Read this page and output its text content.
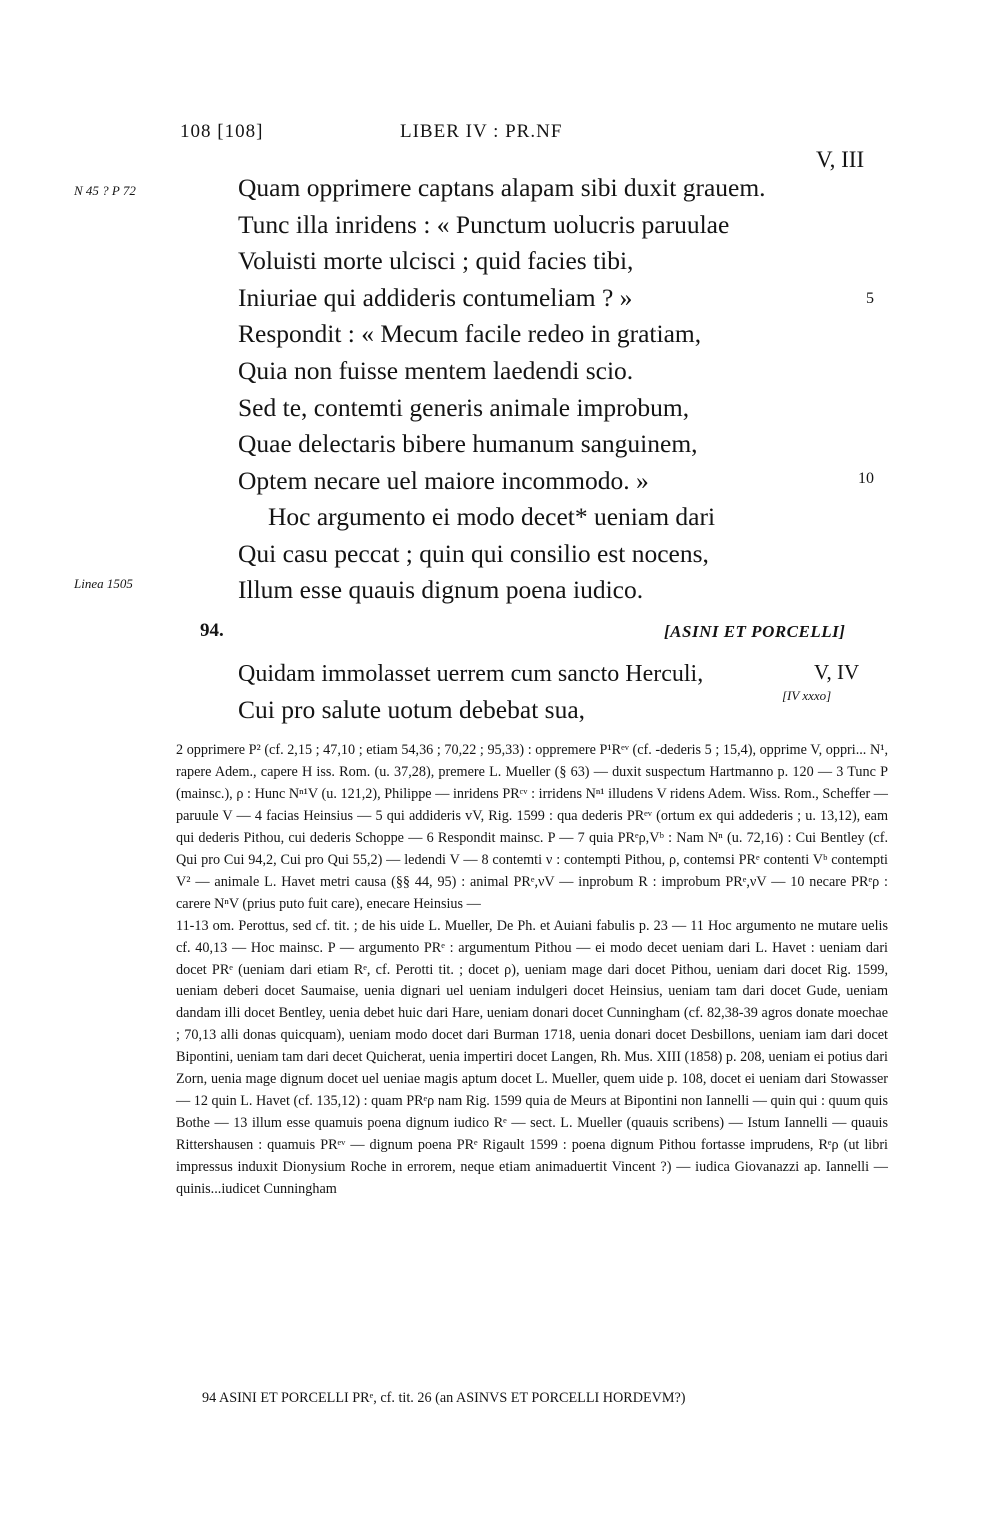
108 [108]	LIBER IV : PR.NF
V, III
N 45 ? P 72
Linea 1505
Quam opprimere captans alapam sibi duxit grauem.
Tunc illa inridens : « Punctum uolucris paruulae
Voluisti morte ulcisci ; quid facies tibi,
Iniuriae qui addideris contumeliam ? »
Respondit : « Mecum facile redeo in gratiam,
Quia non fuisse mentem laedendi scio.
Sed te, contemti generis animale improbum,
Quae delectaris bibere humanum sanguinem,
Optem necare uel maiore incommodo. »
Hoc argumento ei modo decet* ueniam dari
Qui casu peccat ; quin qui consilio est nocens,
Illum esse quauis dignum poena iudico.
5
10
94.	[ASINI ET PORCELLI]
Quidam immolasset uerrem cum sancto Herculi,
Cui pro salute uotum debebat sua,
V, IV
[IV xxxo]

2 opprimere P² (cf. 2,15 ; 47,10 ; etiam 54,36 ; 70,22 ; 95,33) : oppremere P¹Rᵉᵛ (cf. -dederis 5 ; 15,4), opprime V, oppri... N¹, rapere Adem., capere H iss. Rom. (u. 37,28), premere L. Mueller (§ 63) — duxit suspectum Hartmanno p. 120 — 3 Tunc P (mainsc.), ρ : Hunc Nⁿ¹V (u. 121,2), Philippe — inridens PRᶜᵛ : irridens Nⁿ¹ illudens V ridens Adem. Wiss. Rom., Scheffer — paruule V — 4 facias Heinsius — 5 qui addideris vV, Rig. 1599 : qua dederis PRᵉᵛ (ortum ex qui addederis ; u. 13,12), eam qui dederis Pithou, cui dederis Schoppe — 6 Respondit mainsc. P — 7 quia PRᵉρ,Vᵇ : Nam Nⁿ (u. 72,16) : Cui Bentley (cf. Qui pro Cui 94,2, Cui pro Qui 55,2) — ledendi V — 8 contemti ν : contempti Pithou, ρ, contemsi PRᵉ contenti Vᵇ contempti V² — animale L. Havet metri causa (§§ 44, 95) : animal PRᵉ,νV — inprobum R : improbum PRᵉ,νV — 10 necare PRᵉρ : carere NⁿV (prius puto fuit care), enecare Heinsius —

11-13 om. Perottus, sed cf. tit. ; de his uide L. Mueller, De Ph. et Auiani fabulis p. 23 — 11 Hoc argumento ne mutare uelis cf. 40,13 — Hoc mainsc. P — argumento PRᵉ : argumentum Pithou — ei modo decet ueniam dari L. Havet : ueniam dari docet PRᵉ (ueniam dari etiam Rᵉ, cf. Perotti tit. ; docet ρ), ueniam mage dari docet Pithou, ueniam dari docet Rig. 1599, ueniam deberi docet Saumaise, uenia dignari uel ueniam indulgeri docet Heinsius, ueniam tam dari docet Gude, ueniam dandam illi docet Bentley, uenia debet huic dari Hare, ueniam donari docet Cunningham (cf. 82,38-39 agros donate moechae ; 70,13 alli donas quicquam), ueniam modo docet dari Burman 1718, uenia donari docet Desbillons, ueniam iam dari docet Bipontini, ueniam tam dari decet Quicherat, uenia impertiri docet Langen, Rh. Mus. XIII (1858) p. 208, ueniam ei potius dari Zorn, uenia mage dignum docet uel ueniae magis aptum docet L. Mueller, quem uide p. 108, docet ei ueniam dari Stowasser — 12 quin L. Havet (cf. 135,12) : quam PRᵉρ nam Rig. 1599 quia de Meurs at Bipontini non Iannelli — quin qui : quum quis Bothe — 13 illum esse quamuis poena dignum iudico Rᵉ — sect. L. Mueller (quauis scribens) — Istum Iannelli — quauis Rittershausen : quamuis PRᵉᵛ — dignum poena PRᵉ Rigault 1599 : poena dignum Pithou fortasse imprudens, Rᵉρ (ut libri impressus induxit Dionysium Roche in errorem, neque etiam animaduertit Vincent ?) — iudica Giovanazzi ap. Iannelli — quinis...iudicet Cunningham

94 ASINI ET PORCELLI PRᵉ, cf. tit. 26 (an ASINVS ET PORCELLI HORDEVM?)
